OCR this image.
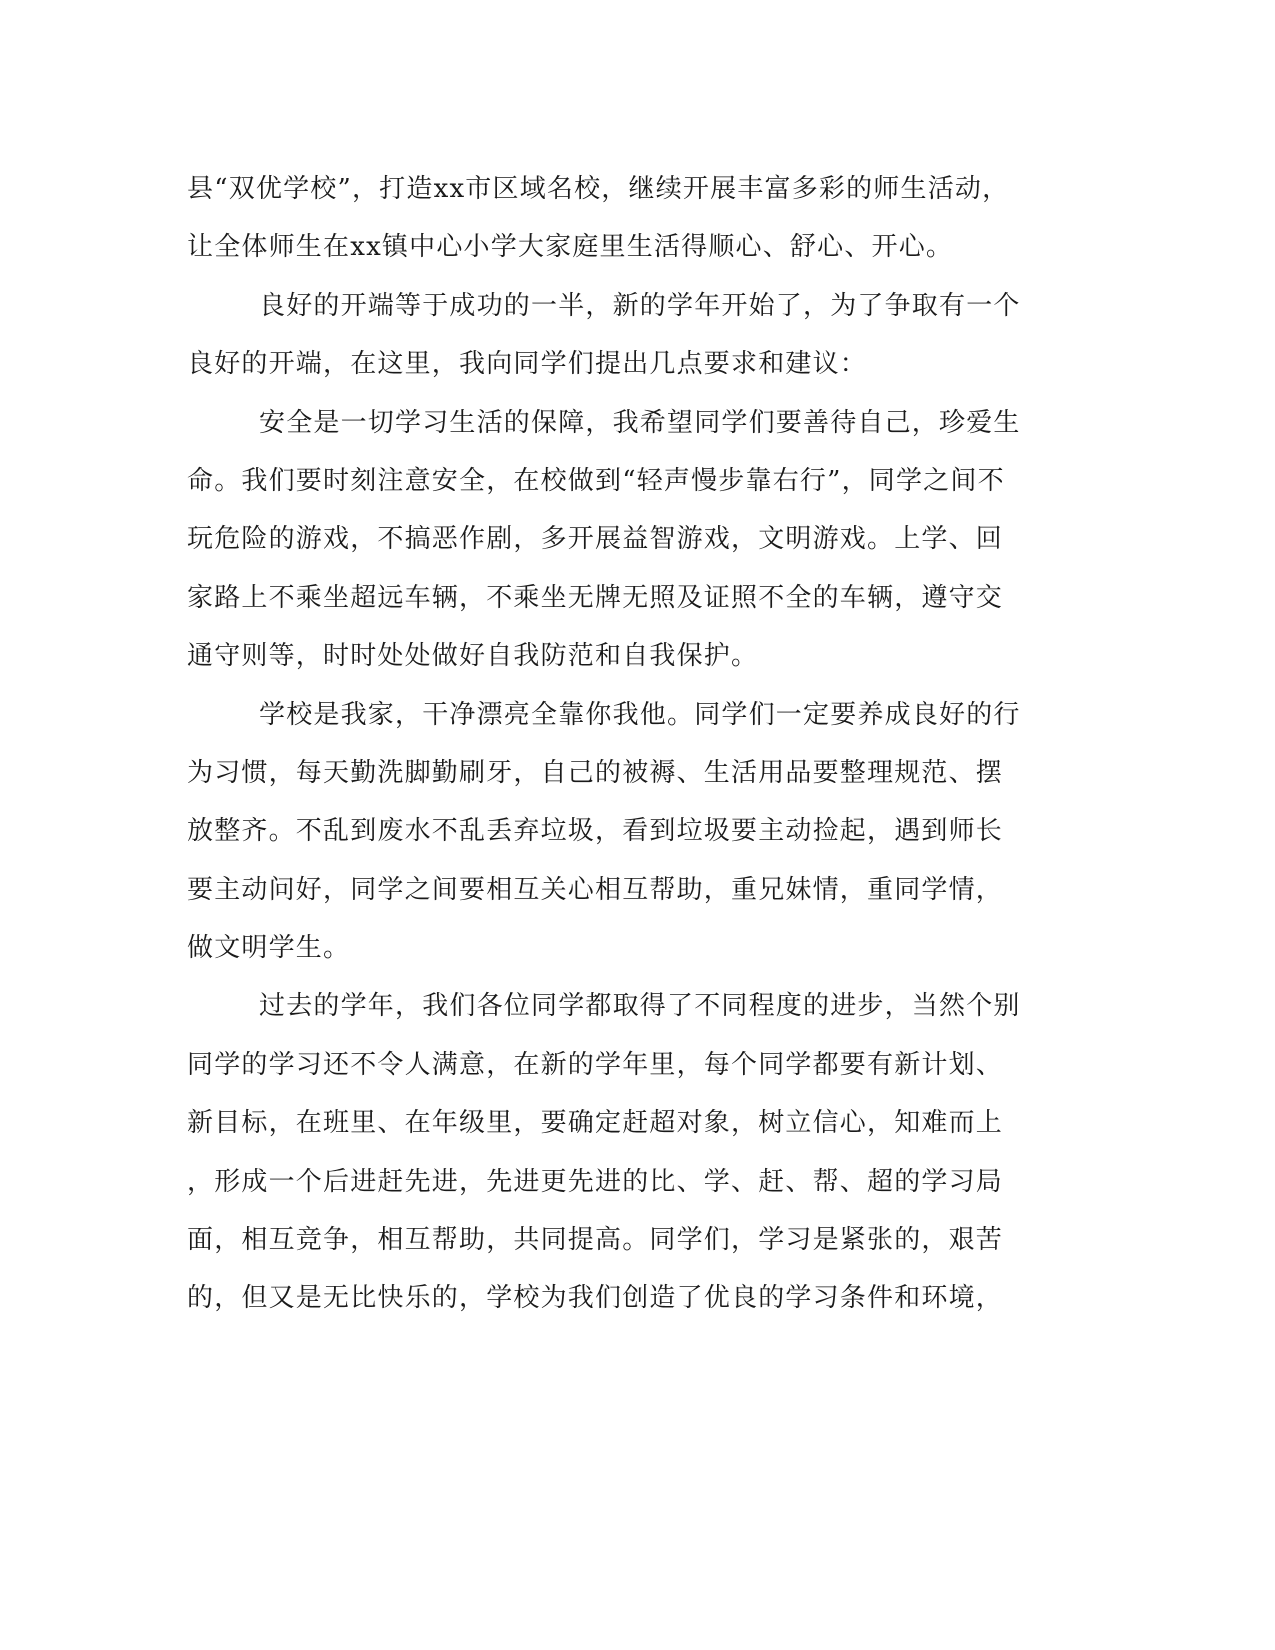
县“双优学校”，打造xx市区域名校，继续开展丰富多彩的师生活动，
让全体师生在xx镇中心小学大家庭里生活得顺心、舒心、开心。
良好的开端等于成功的一半，新的学年开始了，为了争取有一个
良好的开端，在这里，我向同学们提出几点要求和建议：
安全是一切学习生活的保障，我希望同学们要善待自己，珍爱生
命。我们要时刻注意安全，在校做到“轻声慢步靠右行”，同学之间不
玩危险的游戏，不搞恶作剧，多开展益智游戏，文明游戏。上学、回
家路上不乘坐超远车辆，不乘坐无牌无照及证照不全的车辆，遵守交
通守则等，时时处处做好自我防范和自我保护。
学校是我家，干净漂亮全靠你我他。同学们一定要养成良好的行
为习惯，每天勤洗脚勤刷牙，自己的被褥、生活用品要整理规范、摆
放整齐。不乱到废水不乱丢弃垃圾，看到垃圾要主动捡起，遇到师长
要主动问好，同学之间要相互关心相互帮助，重兄妹情，重同学情，
做文明学生。
过去的学年，我们各位同学都取得了不同程度的进步，当然个别
同学的学习还不令人满意，在新的学年里，每个同学都要有新计划、
新目标，在班里、在年级里，要确定赶超对象，树立信心，知难而上
，形成一个后进赶先进，先进更先进的比、学、赶、帮、超的学习局
面，相互竞争，相互帮助，共同提高。同学们，学习是紧张的，艰苦
的，但又是无比快乐的，学校为我们创造了优良的学习条件和环境，
